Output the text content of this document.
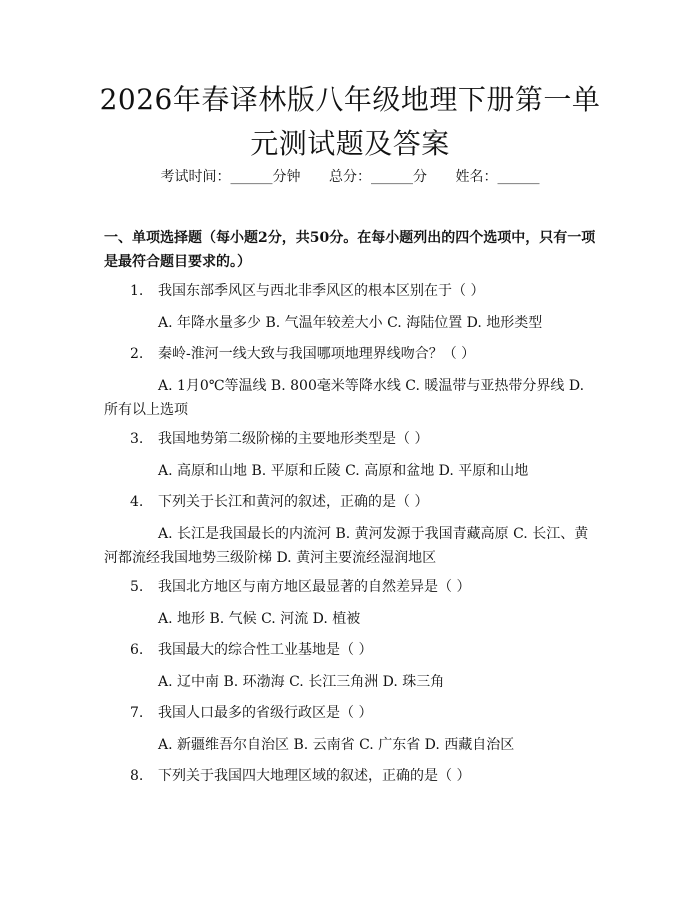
2026年春译林版八年级地理下册第一单元测试题及答案
考试时间：______分钟 总分：______分 姓名：______
一、单项选择题（每小题2分，共50分。在每小题列出的四个选项中，只有一项是最符合题目要求的。）
1. 我国东部季风区与西北非季风区的根本区别在于（ ）
A. 年降水量多少 B. 气温年较差大小 C. 海陆位置 D. 地形类型
2. 秦岭-淮河一线大致与我国哪项地理界线吻合？（ ）
A. 1月0℃等温线 B. 800毫米等降水线 C. 暖温带与亚热带分界线 D. 所有以上选项
3. 我国地势第二级阶梯的主要地形类型是（ ）
A. 高原和山地 B. 平原和丘陵 C. 高原和盆地 D. 平原和山地
4. 下列关于长江和黄河的叙述，正确的是（ ）
A. 长江是我国最长的内流河 B. 黄河发源于我国青藏高原 C. 长江、黄河都流经我国地势三级阶梯 D. 黄河主要流经湿润地区
5. 我国北方地区与南方地区最显著的自然差异是（ ）
A. 地形 B. 气候 C. 河流 D. 植被
6. 我国最大的综合性工业基地是（ ）
A. 辽中南 B. 环渤海 C. 长江三角洲 D. 珠三角
7. 我国人口最多的省级行政区是（ ）
A. 新疆维吾尔自治区 B. 云南省 C. 广东省 D. 西藏自治区
8. 下列关于我国四大地理区域的叙述，正确的是（ ）
